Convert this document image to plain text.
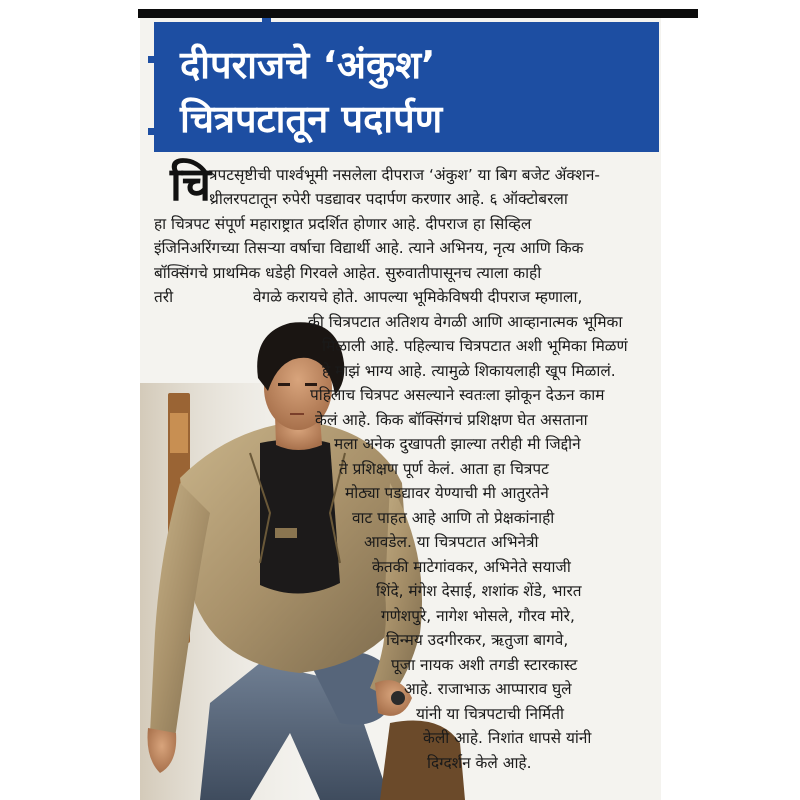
दीपराजचे ‘अंकुश’
चित्रपटातून पदार्पण
चि
त्रपटसृष्टीची पार्श्वभूमी नसलेला दीपराज ‘अंकुश’ या बिग बजेट ॲक्शन-
थ्रीलरपटातून रुपेरी पडद्यावर पदार्पण करणार आहे. ६ ऑक्टोबरला
हा चित्रपट संपूर्ण महाराष्ट्रात प्रदर्शित होणार आहे. दीपराज हा सिव्हिल
इंजिनिअरिंगच्या तिसऱ्या वर्षाचा विद्यार्थी आहे. त्याने अभिनय, नृत्य आणि किक
बॉक्सिंगचे प्राथमिक धडेही गिरवले आहेत. सुरुवातीपासूनच त्याला काही
तरी	वेगळे करायचे होते. आपल्या भूमिकेविषयी दीपराज म्हणाला,
की चित्रपटात अतिशय वेगळी आणि आव्हानात्मक भूमिका
मिळाली आहे. पहिल्याच चित्रपटात अशी भूमिका मिळणं
हे माझं भाग्य आहे. त्यामुळे शिकायलाही खूप मिळालं.
पहिलाच चित्रपट असल्याने स्वतःला झोकून देऊन काम
केलं आहे. किक बॉक्सिंगचं प्रशिक्षण घेत असताना
मला अनेक दुखापती झाल्या तरीही मी जिद्दीने
ते प्रशिक्षण पूर्ण केलं. आता हा चित्रपट
मोठ्या पडद्यावर येण्याची मी आतुरतेने
वाट पाहत आहे आणि तो प्रेक्षकांनाही
आवडेल. या चित्रपटात अभिनेत्री
केतकी माटेगांवकर, अभिनेते सयाजी
शिंदे, मंगेश देसाई, शशांक शेंडे, भारत
गणेशपुरे, नागेश भोसले, गौरव मोरे,
चिन्मय उदगीरकर, ऋतुजा बागवे,
पूजा नायक अशी तगडी स्टारकास्ट
आहे. राजाभाऊ आप्पाराव घुले
यांनी या चित्रपटाची निर्मिती
केली आहे. निशांत धापसे यांनी
दिग्दर्शन केले आहे.
